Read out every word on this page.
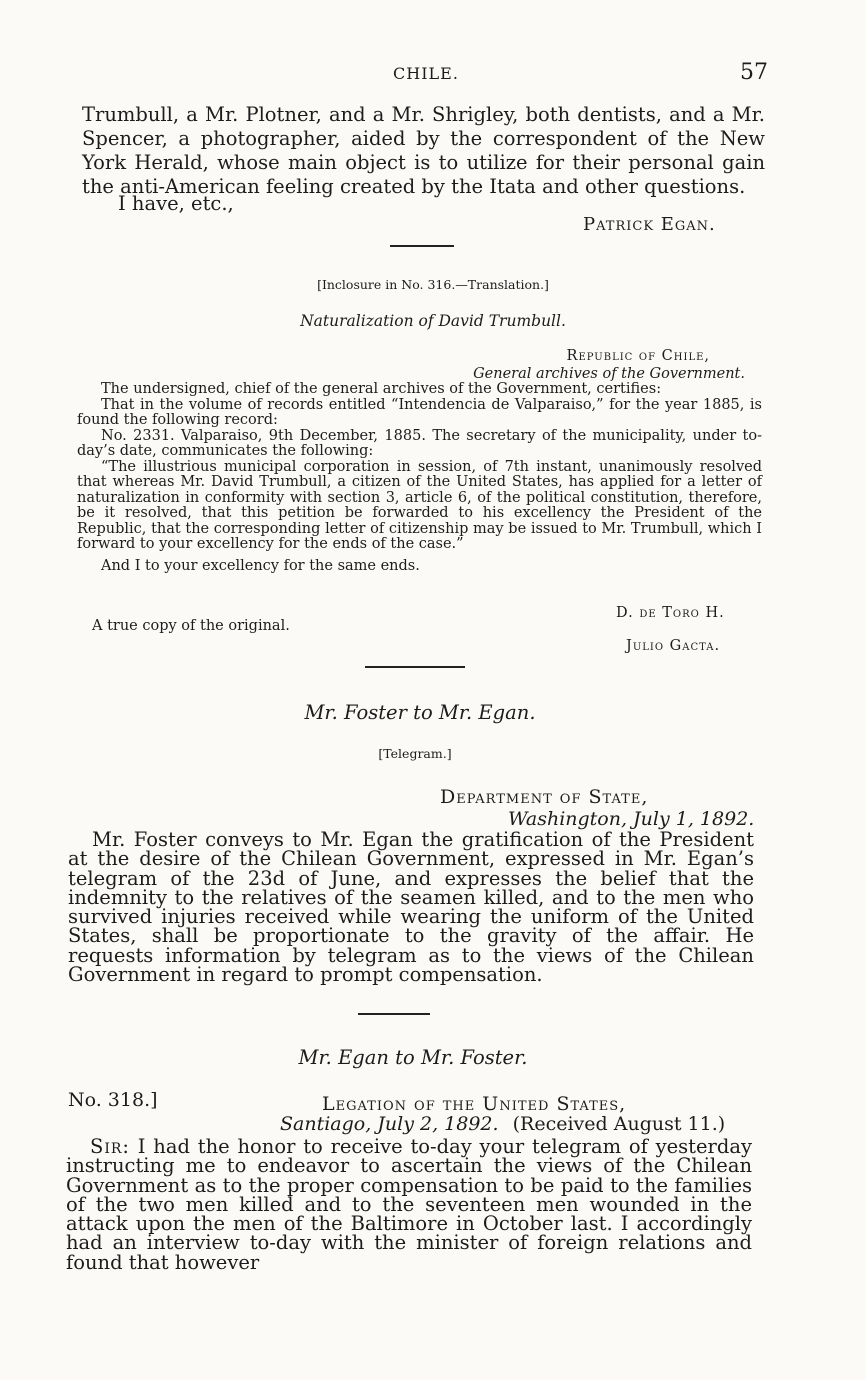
CHILE.	57

Trumbull, a Mr. Plotner, and a Mr. Shrigley, both dentists, and a Mr. Spencer, a photographer, aided by the correspondent of the New York Herald, whose main object is to utilize for their personal gain the anti-American feeling created by the Itata and other questions.

I have, etc.,
Patrick Egan.
[Inclosure in No. 316.—Translation.]
Naturalization of David Trumbull.
Republic of Chile,
General archives of the Government.

The undersigned, chief of the general archives of the Government, certifies:

That in the volume of records entitled “Intendencia de Valparaiso,” for the year 1885, is found the following record:

No. 2331. Valparaiso, 9th December, 1885. The secretary of the municipality, under to-day’s date, communicates the following:

“The illustrious municipal corporation in session, of 7th instant, unanimously resolved that whereas Mr. David Trumbull, a citizen of the United States, has applied for a letter of naturalization in conformity with section 3, article 6, of the political constitution, therefore, be it resolved, that this petition be forwarded to his excellency the President of the Republic, that the corresponding letter of citizenship may be issued to Mr. Trumbull, which I forward to your excellency for the ends of the case.”

And I to your excellency for the same ends.

D. de Toro H.
A true copy of the original.
Julio Gacta.
Mr. Foster to Mr. Egan.
[Telegram.]
Department of State,
Washington, July 1, 1892.

Mr. Foster conveys to Mr. Egan the gratification of the President at the desire of the Chilean Government, expressed in Mr. Egan’s telegram of the 23d of June, and expresses the belief that the indemnity to the relatives of the seamen killed, and to the men who survived injuries received while wearing the uniform of the United States, shall be proportionate to the gravity of the affair. He requests information by telegram as to the views of the Chilean Government in regard to prompt compensation.

Mr. Egan to Mr. Foster.
No. 318.]	Legation of the United States,
Santiago, July 2, 1892. (Received August 11.)

Sir: I had the honor to receive to-day your telegram of yesterday instructing me to endeavor to ascertain the views of the Chilean Government as to the proper compensation to be paid to the families of the two men killed and to the seventeen men wounded in the attack upon the men of the Baltimore in October last. I accordingly had an interview to-day with the minister of foreign relations and found that however
